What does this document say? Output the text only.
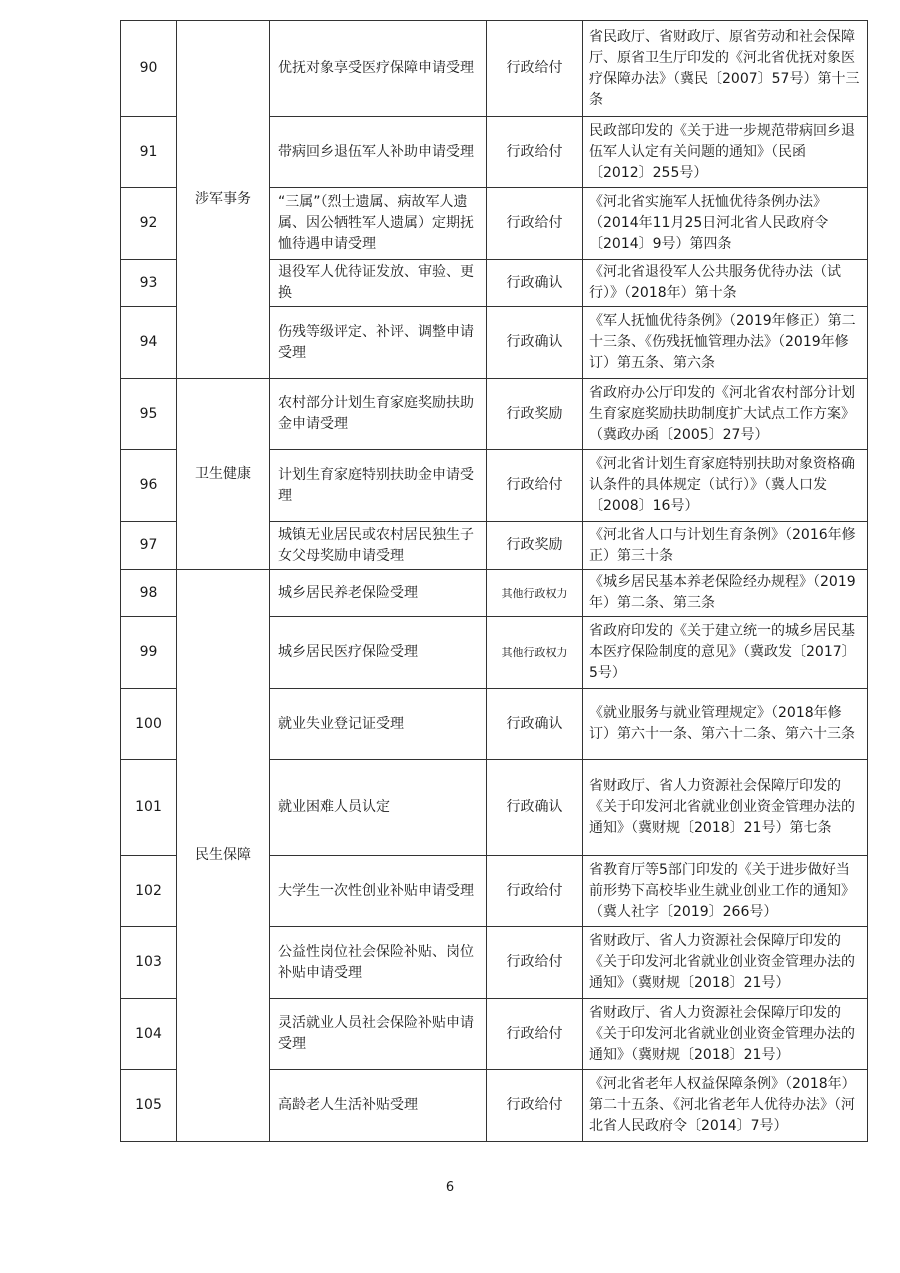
90	涉军事务	优抚对象享受医疗保障申请受理	行政给付	省民政厅、省财政厅、原省劳动和社会保障厅、原省卫生厅印发的《河北省优抚对象医疗保障办法》（冀民〔2007〕57号）第十三条
91		带病回乡退伍军人补助申请受理	行政给付	民政部印发的《关于进一步规范带病回乡退伍军人认定有关问题的通知》（民函〔2012〕255号）
92		“三属”（烈士遗属、病故军人遗属、因公牺牲军人遗属）定期抚恤待遇申请受理	行政给付	《河北省实施军人抚恤优待条例办法》（2014年11月25日河北省人民政府令〔2014〕9号）第四条
93		退役军人优待证发放、审验、更换	行政确认	《河北省退役军人公共服务优待办法（试行）》（2018年）第十条
94		伤残等级评定、补评、调整申请受理	行政确认	《军人抚恤优待条例》（2019年修正）第二十三条、《伤残抚恤管理办法》（2019年修订）第五条、第六条
95	卫生健康	农村部分计划生育家庭奖励扶助金申请受理	行政奖励	省政府办公厅印发的《河北省农村部分计划生育家庭奖励扶助制度扩大试点工作方案》（冀政办函〔2005〕27号）
96		计划生育家庭特别扶助金申请受理	行政给付	《河北省计划生育家庭特别扶助对象资格确认条件的具体规定（试行）》（冀人口发〔2008〕16号）
97		城镇无业居民或农村居民独生子女父母奖励申请受理	行政奖励	《河北省人口与计划生育条例》（2016年修正）第三十条
98	民生保障	城乡居民养老保险受理	其他行政权力	《城乡居民基本养老保险经办规程》（2019年）第二条、第三条
99		城乡居民医疗保险受理	其他行政权力	省政府印发的《关于建立统一的城乡居民基本医疗保险制度的意见》（冀政发〔2017〕5号）
100		就业失业登记证受理	行政确认	《就业服务与就业管理规定》（2018年修订）第六十一条、第六十二条、第六十三条
101		就业困难人员认定	行政确认	省财政厅、省人力资源社会保障厅印发的《关于印发河北省就业创业资金管理办法的通知》（冀财规〔2018〕21号）第七条
102		大学生一次性创业补贴申请受理	行政给付	省教育厅等5部门印发的《关于进步做好当前形势下高校毕业生就业创业工作的通知》（冀人社字〔2019〕266号）
103		公益性岗位社会保险补贴、岗位补贴申请受理	行政给付	省财政厅、省人力资源社会保障厅印发的《关于印发河北省就业创业资金管理办法的通知》（冀财规〔2018〕21号）
104		灵活就业人员社会保险补贴申请受理	行政给付	省财政厅、省人力资源社会保障厅印发的《关于印发河北省就业创业资金管理办法的通知》（冀财规〔2018〕21号）
105		高龄老人生活补贴受理	行政给付	《河北省老年人权益保障条例》（2018年）第二十五条、《河北省老年人优待办法》（河北省人民政府令〔2014〕7号）
6
